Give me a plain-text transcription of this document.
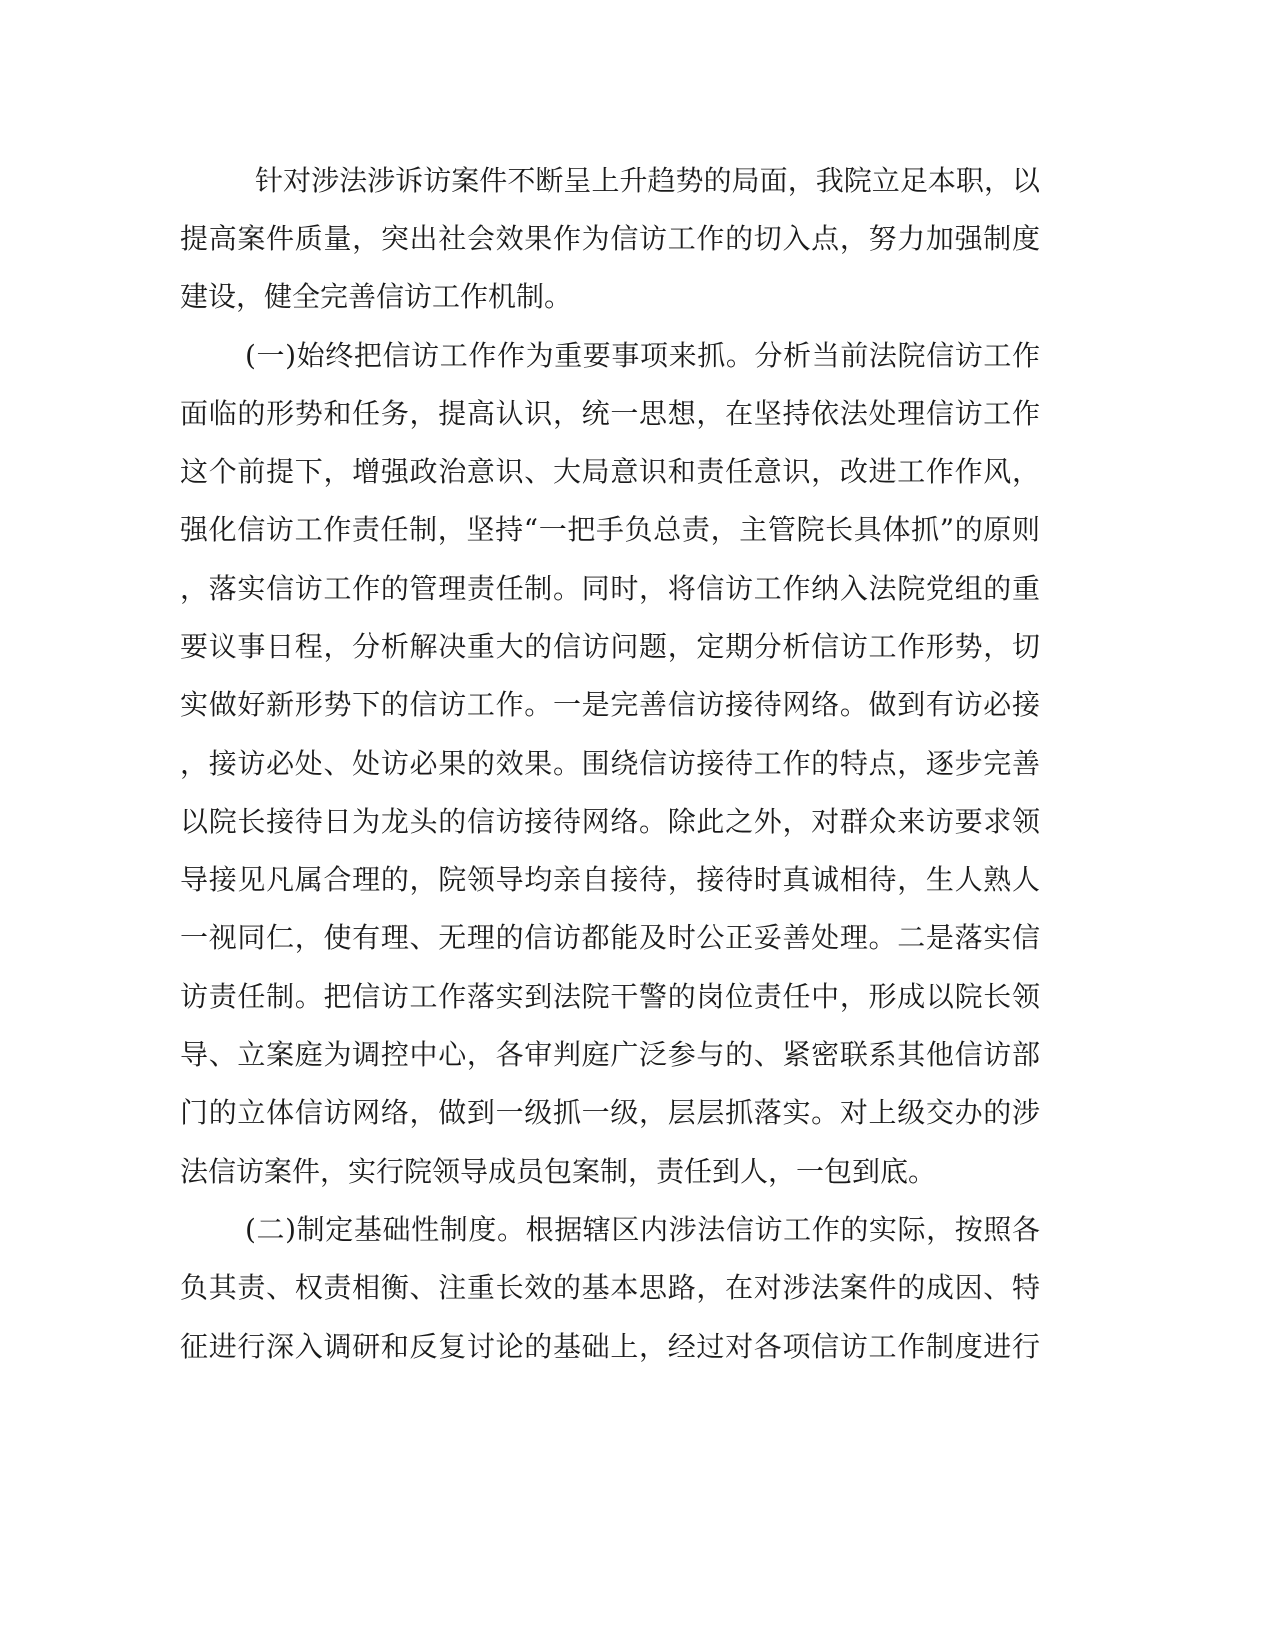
针对涉法涉诉访案件不断呈上升趋势的局面，我院立足本职，以

提高案件质量，突出社会效果作为信访工作的切入点，努力加强制度

建设，健全完善信访工作机制。

(一)始终把信访工作作为重要事项来抓。分析当前法院信访工作

面临的形势和任务，提高认识，统一思想，在坚持依法处理信访工作

这个前提下，增强政治意识、大局意识和责任意识，改进工作作风，

强化信访工作责任制，坚持“一把手负总责，主管院长具体抓”的原则

，落实信访工作的管理责任制。同时，将信访工作纳入法院党组的重

要议事日程，分析解决重大的信访问题，定期分析信访工作形势，切

实做好新形势下的信访工作。一是完善信访接待网络。做到有访必接

，接访必处、处访必果的效果。围绕信访接待工作的特点，逐步完善

以院长接待日为龙头的信访接待网络。除此之外，对群众来访要求领

导接见凡属合理的，院领导均亲自接待，接待时真诚相待，生人熟人

一视同仁，使有理、无理的信访都能及时公正妥善处理。二是落实信

访责任制。把信访工作落实到法院干警的岗位责任中，形成以院长领

导、立案庭为调控中心，各审判庭广泛参与的、紧密联系其他信访部

门的立体信访网络，做到一级抓一级，层层抓落实。对上级交办的涉

法信访案件，实行院领导成员包案制，责任到人，一包到底。

(二)制定基础性制度。根据辖区内涉法信访工作的实际，按照各

负其责、权责相衡、注重长效的基本思路，在对涉法案件的成因、特

征进行深入调研和反复讨论的基础上，经过对各项信访工作制度进行
